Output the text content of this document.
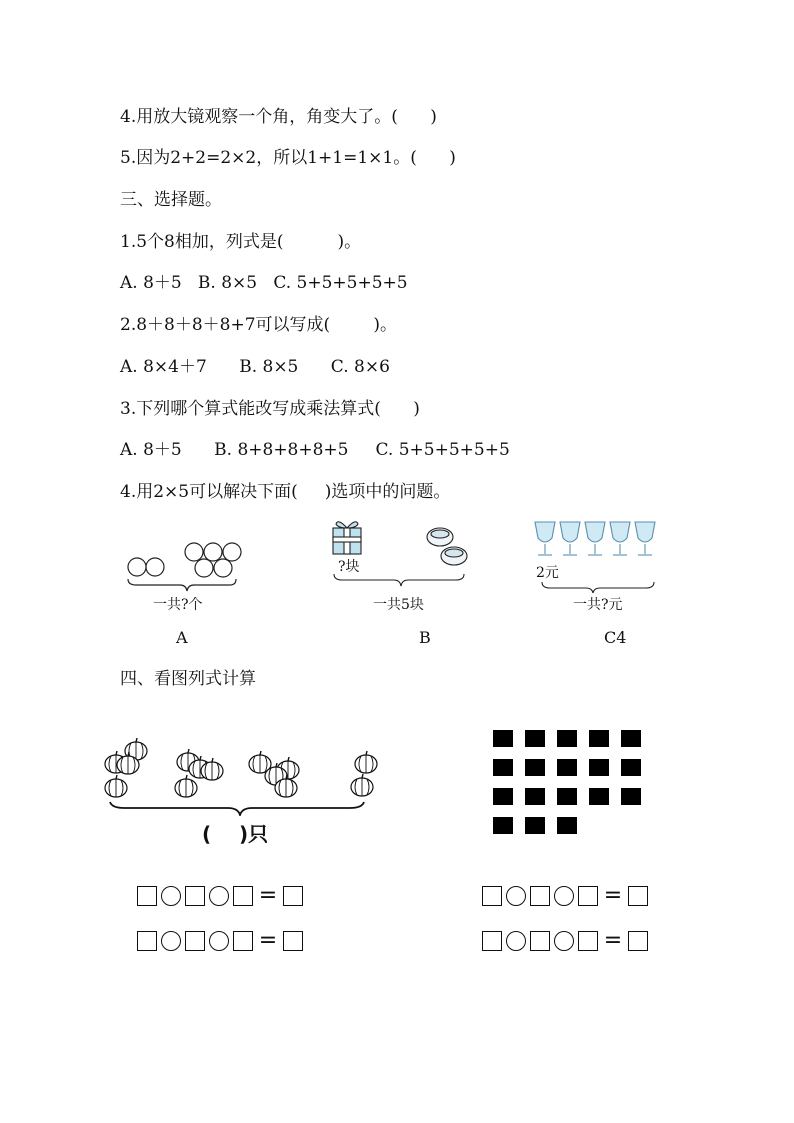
4.用放大镜观察一个角，角变大了。(      )
5.因为2+2=2×2，所以1+1=1×1。(      )
三、选择题。
1.5个8相加，列式是(          )。
A. 8＋5   B. 8×5   C. 5+5+5+5+5
2.8＋8＋8＋8+7可以写成(        )。
A. 8×4＋7      B. 8×5      C. 8×6
3.下列哪个算式能改写成乘法算式(      )
A. 8＋5      B. 8+8+8+8+5     C. 5+5+5+5+5
4.用2×5可以解决下面(     )选项中的问题。
一共?个
A
?块
一共5块
B
2元
一共?元
C4
四、看图列式计算
(    )只
=
=
=
=
